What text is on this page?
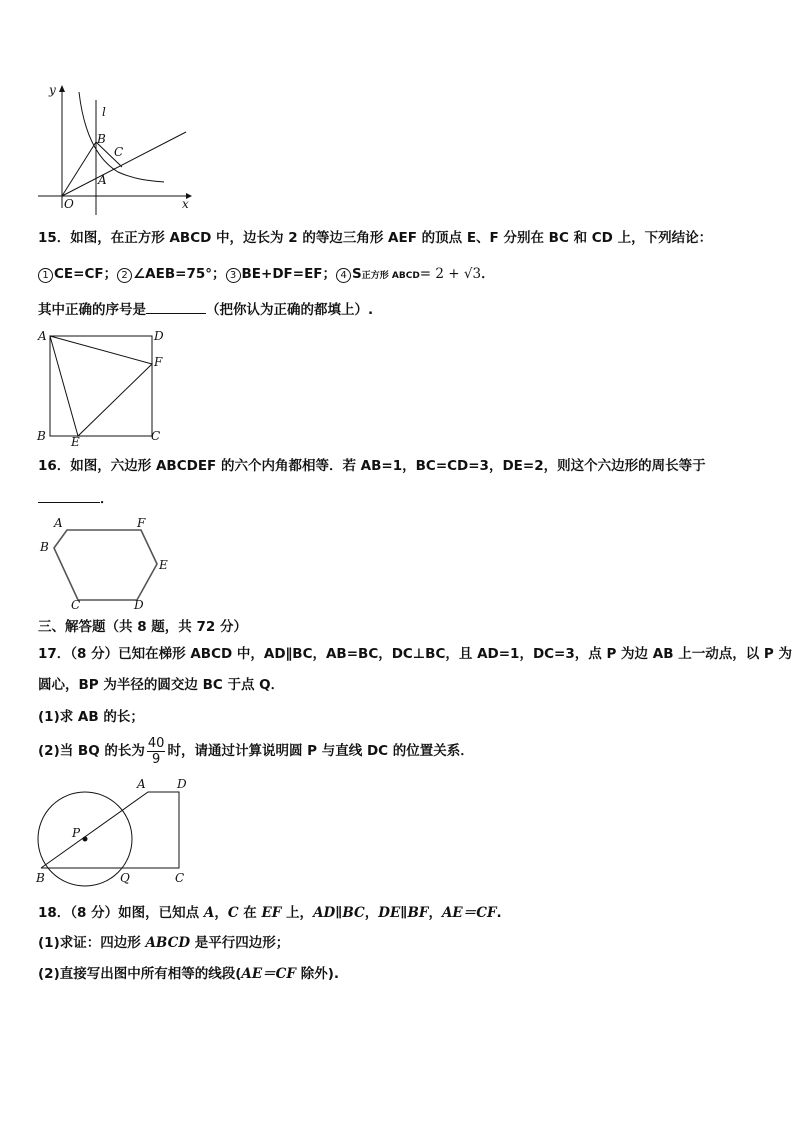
y
x
O
l
B
C
A
15．如图，在正方形 ABCD 中，边长为 2 的等边三角形 AEF 的顶点 E、F 分别在 BC 和 CD 上，下列结论：
1 CE=CF； 2 ∠AEB=75°； 3 BE+DF=EF； 4 S正方形 ABCD= 2 + √3．
其中正确的序号是	（把你认为正确的都填上）.
A	D
F
B E	C
16．如图，六边形 ABCDEF 的六个内角都相等．若 AB=1，BC=CD=3，DE=2，则这个六边形的周长等于
．
A	F
B
E
C	D
三、解答题（共 8 题，共 72 分）
17．（8 分）已知在梯形 ABCD 中，AD∥BC，AB=BC，DC⊥BC，且 AD=1，DC=3，点 P 为边 AB 上一动点，以 P 为
圆心，BP 为半径的圆交边 BC 于点 Q．
(1)求 AB 的长；
(2)当 BQ 的长为 $\frac{40}{9}$ 时，请通过计算说明圆 P 与直线 DC 的位置关系．
A	D
P
B	Q	C
18．（8 分）如图，已知点 A，C 在 EF 上，AD∥BC，DE∥BF，AE＝CF.
(1)求证：四边形 ABCD 是平行四边形；
(2)直接写出图中所有相等的线段(AE＝CF 除外).
